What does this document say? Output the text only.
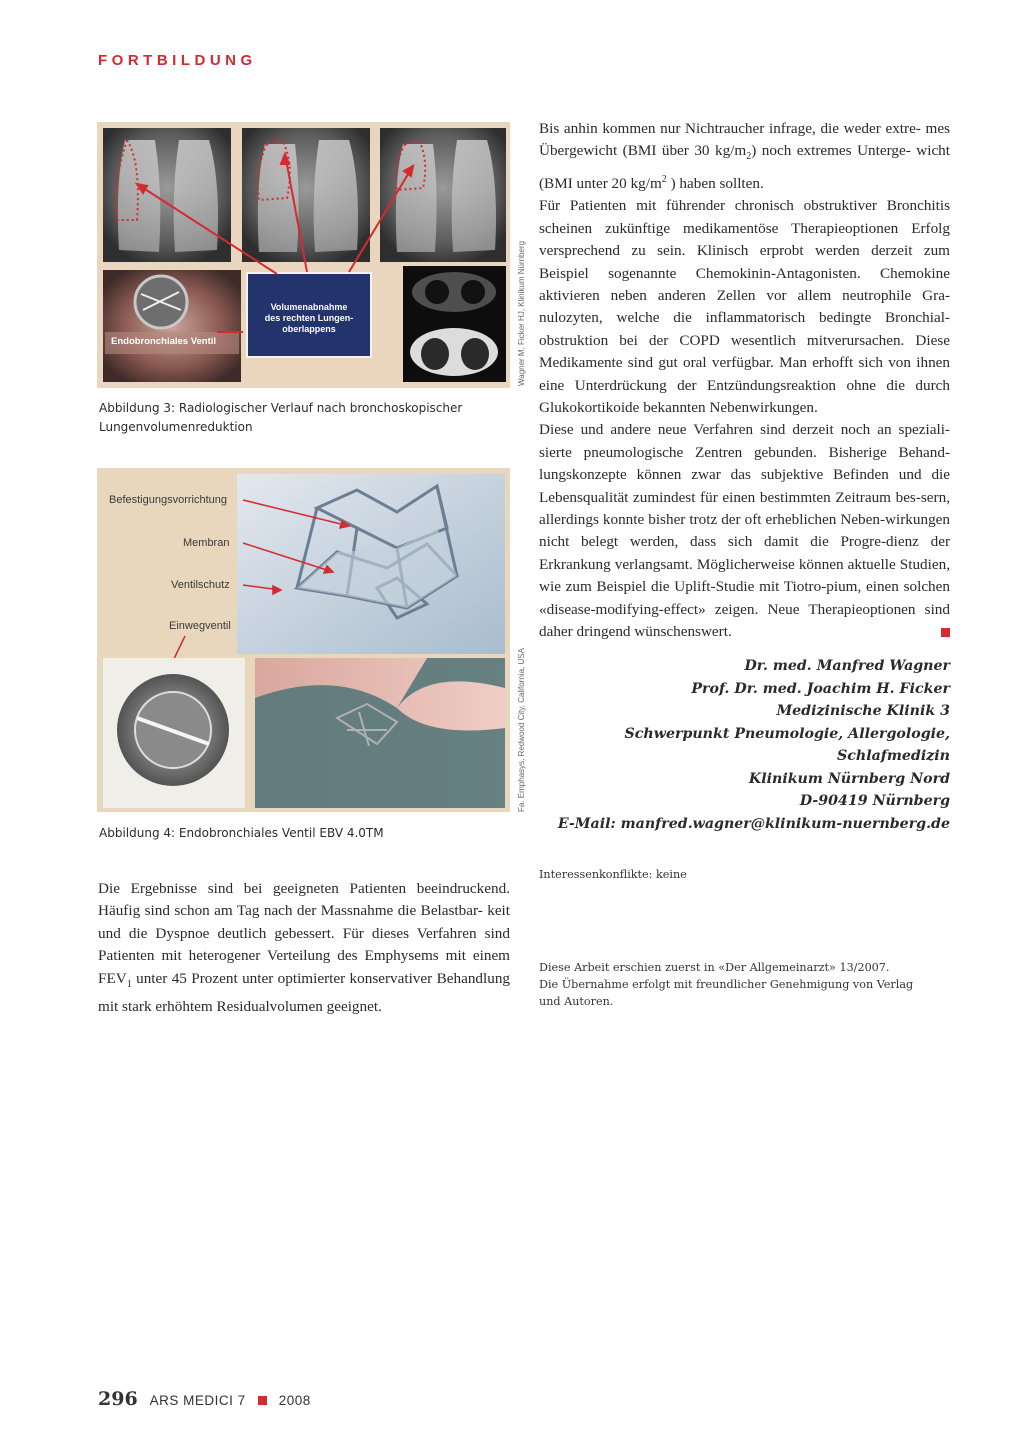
FORTBILDUNG
Endobronchiales Ventil
Volumenabnahme
des rechten Lungen-
oberlappens	Wagner M, Ficker HJ, Klinikum Nürnberg
Abbildung 3: Radiologischer Verlauf nach bronchoskopischer
Lungenvolumenreduktion
Befestigungsvorrichtung
Membran
Ventilschutz
Einwegventil
Fa. Emphasys, Redwood City, California, USA
Abbildung 4: Endobronchiales Ventil EBV 4.0TM

Die Ergebnisse sind bei geeigneten Patienten beeindruckend. Häufig sind schon am Tag nach der Massnahme die Belastbar- keit und die Dyspnoe deutlich gebessert. Für dieses Verfahren sind Patienten mit heterogener Verteilung des Emphysems mit einem $FEV_1$ unter 45 Prozent unter optimierter konservativer Behandlung mit stark erhöhtem Residualvolumen geeignet.

Bis anhin kommen nur Nichtraucher infrage, die weder extre- mes Übergewicht (BMI über 30 $kg/m_2$) noch extremes Unterge- wicht (BMI unter 20 $kg/m^2$ ) haben sollten.

Für Patienten mit führender chronisch obstruktiver Bronchitis scheinen zukünftige medikamentöse Therapieoptionen Erfolg versprechend zu sein. Klinisch erprobt werden derzeit zum Beispiel sogenannte Chemokinin-Antagonisten. Chemokine aktivieren neben anderen Zellen vor allem neutrophile Gra-nulozyten, welche die inflammatorisch bedingte Bronchial-obstruktion bei der COPD wesentlich mitverursachen. Diese Medikamente sind gut oral verfügbar. Man erhofft sich von ihnen eine Unterdrückung der Entzündungsreaktion ohne die durch Glukokortikoide bekannten Nebenwirkungen.

Diese und andere neue Verfahren sind derzeit noch an speziali-sierte pneumologische Zentren gebunden. Bisherige Behand-lungskonzepte können zwar das subjektive Befinden und die Lebensqualität zumindest für einen bestimmten Zeitraum bes-sern, allerdings konnte bisher trotz der oft erheblichen Neben-wirkungen nicht belegt werden, dass sich damit die Progre-dienz der Erkrankung verlangsamt. Möglicherweise können aktuelle Studien, wie zum Beispiel die Uplift-Studie mit Tiotro-pium, einen solchen «disease-modifying-effect» zeigen. Neue Therapieoptionen sind daher dringend wünschenswert.

Dr. med. Manfred Wagner
Prof. Dr. med. Joachim H. Ficker
Medizinische Klinik 3
Schwerpunkt Pneumologie, Allergologie, Schlafmedizin
Klinikum Nürnberg Nord
D-90419 Nürnberg
E-Mail: manfred.wagner@klinikum-nuernberg.de
Interessenkonflikte: keine
Diese Arbeit erschien zuerst in «Der Allgemeinarzt» 13/2007.
Die Übernahme erfolgt mit freundlicher Genehmigung von Verlag
und Autoren.
296 ARS MEDICI 7 2008
